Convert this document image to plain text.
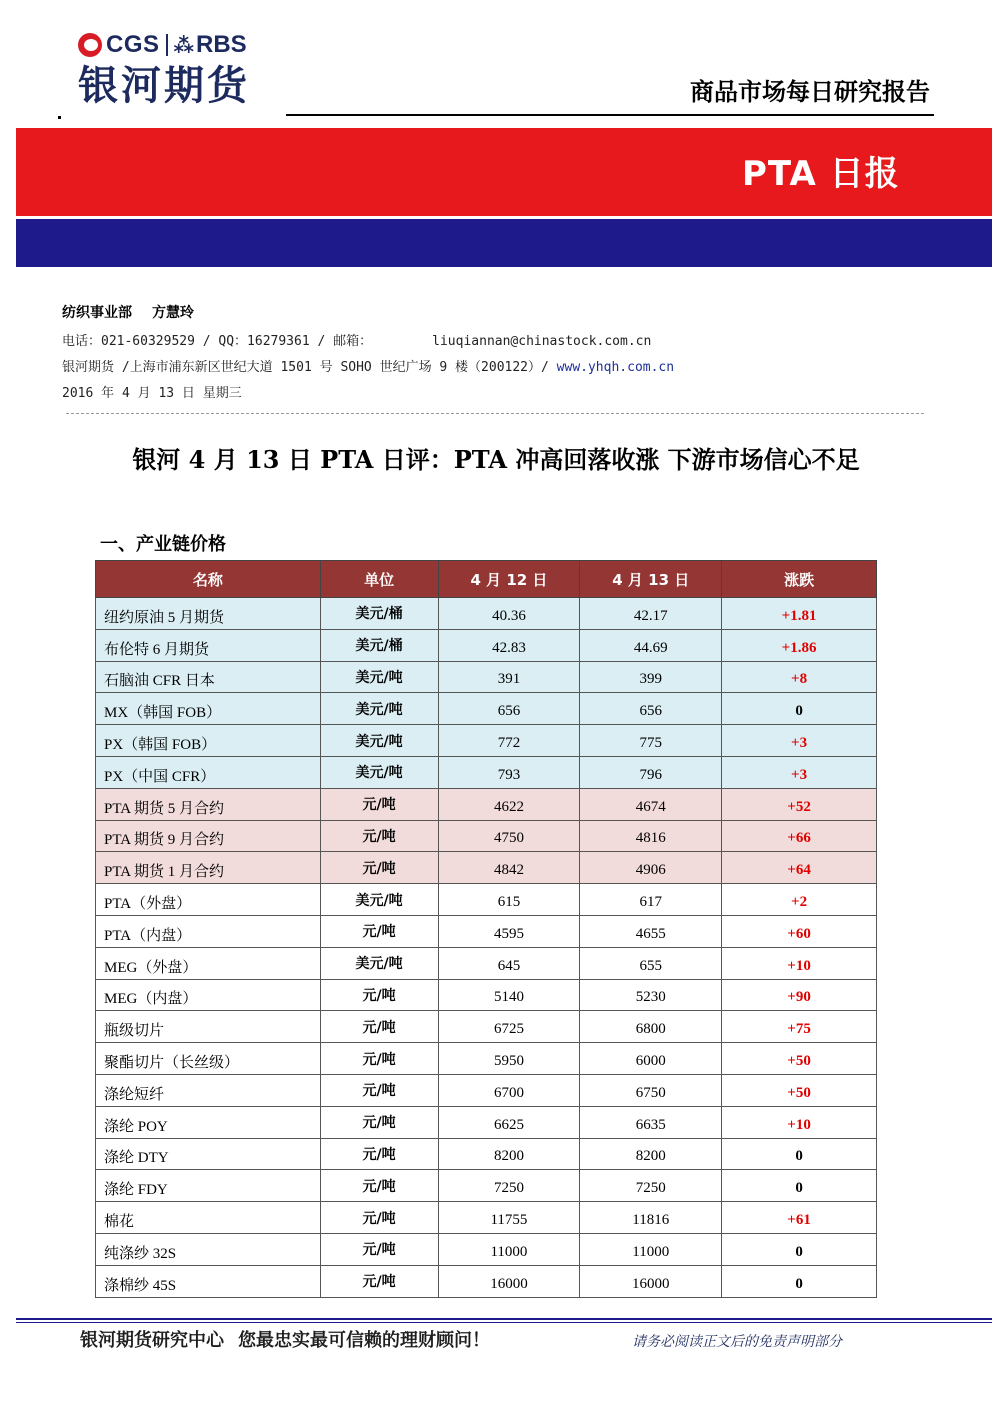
CGS ⁂ RBS
银河期货	商品市场每日研究报告
PTA 日报
纺织事业部 方慧玲
电话：021-60329529 / QQ：16279361 / 邮箱：	liuqiannan@chinastock.com.cn
银河期货 /上海市浦东新区世纪大道 1501 号 SOHO 世纪广场 9 楼（200122）/ www.yhqh.com.cn
2016 年 4 月 13 日 星期三
银河 4 月 13 日 PTA 日评：PTA 冲高回落收涨 下游市场信心不足
一、产业链价格
名称	单位	4 月 12 日	4 月 13 日	涨跌
纽约原油 5 月期货	美元/桶	40.36	42.17	+1.81
布伦特 6 月期货	美元/桶	42.83	44.69	+1.86
石脑油 CFR 日本	美元/吨	391	399	+8
MX（韩国 FOB）	美元/吨	656	656	0
PX（韩国 FOB）	美元/吨	772	775	+3
PX（中国 CFR）	美元/吨	793	796	+3
PTA 期货 5 月合约	元/吨	4622	4674	+52
PTA 期货 9 月合约	元/吨	4750	4816	+66
PTA 期货 1 月合约	元/吨	4842	4906	+64
PTA（外盘）	美元/吨	615	617	+2
PTA（内盘）	元/吨	4595	4655	+60
MEG（外盘）	美元/吨	645	655	+10
MEG（内盘）	元/吨	5140	5230	+90
瓶级切片	元/吨	6725	6800	+75
聚酯切片（长丝级）	元/吨	5950	6000	+50
涤纶短纤	元/吨	6700	6750	+50
涤纶 POY	元/吨	6625	6635	+10
涤纶 DTY	元/吨	8200	8200	0
涤纶 FDY	元/吨	7250	7250	0
棉花	元/吨	11755	11816	+61
纯涤纱 32S	元/吨	11000	11000	0
涤棉纱 45S	元/吨	16000	16000	0
银河期货研究中心 您最忠实最可信赖的理财顾问！	请务必阅读正文后的免责声明部分
